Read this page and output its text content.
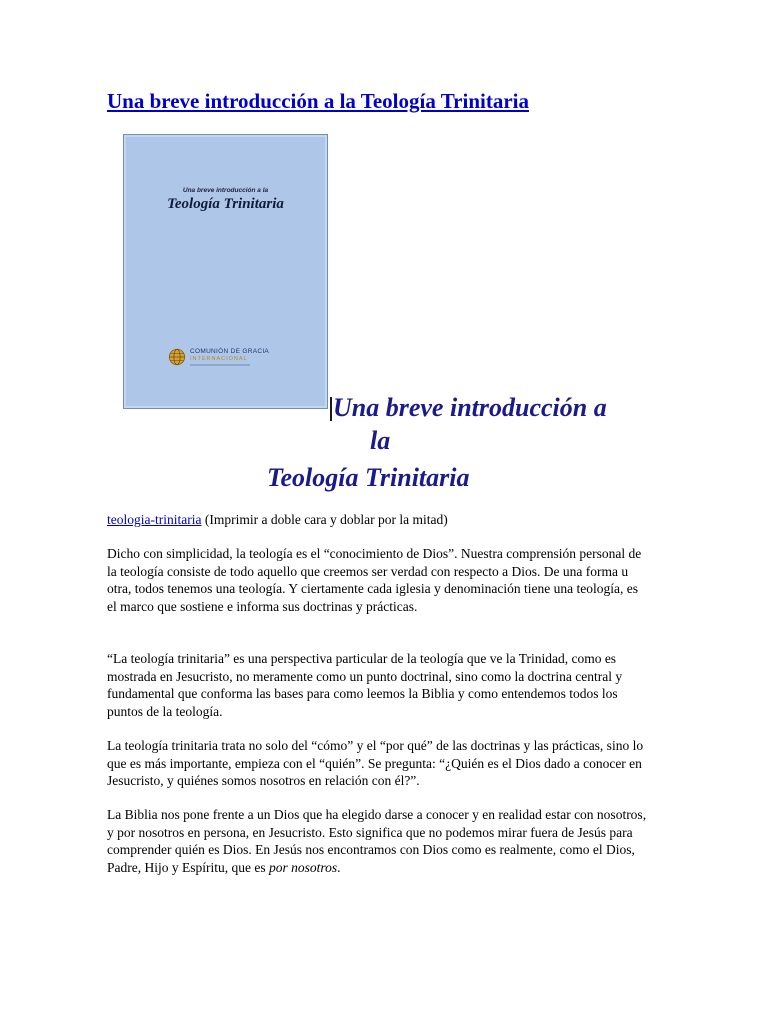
Una breve introducción a la Teología Trinitaria
Una breve introducción a la
Teología Trinitaria
COMUNIÓN DE GRACIA
INTERNACIONAL
Una breve introducción a
la
Teología Trinitaria

teologia-trinitaria (Imprimir a doble cara y doblar por la mitad)

Dicho con simplicidad, la teología es el “conocimiento de Dios”. Nuestra comprensión personal de la teología consiste de todo aquello que creemos ser verdad con respecto a Dios. De una forma u otra, todos tenemos una teología. Y ciertamente cada iglesia y denominación tiene una teología, es el marco que sostiene e informa sus doctrinas y prácticas.

“La teología trinitaria” es una perspectiva particular de la teología que ve la Trinidad, como es mostrada en Jesucristo, no meramente como un punto doctrinal, sino como la doctrina central y fundamental que conforma las bases para como leemos la Biblia y como entendemos todos los puntos de la teología.

La teología trinitaria trata no solo del “cómo” y el “por qué” de las doctrinas y las prácticas, sino lo que es más importante, empieza con el “quién”. Se pregunta: “¿Quién es el Dios dado a conocer en Jesucristo, y quiénes somos nosotros en relación con él?”.

La Biblia nos pone frente a un Dios que ha elegido darse a conocer y en realidad estar con nosotros, y por nosotros en persona, en Jesucristo. Esto significa que no podemos mirar fuera de Jesús para comprender quién es Dios. En Jesús nos encontramos con Dios como es realmente, como el Dios, Padre, Hijo y Espíritu, que es por nosotros.
